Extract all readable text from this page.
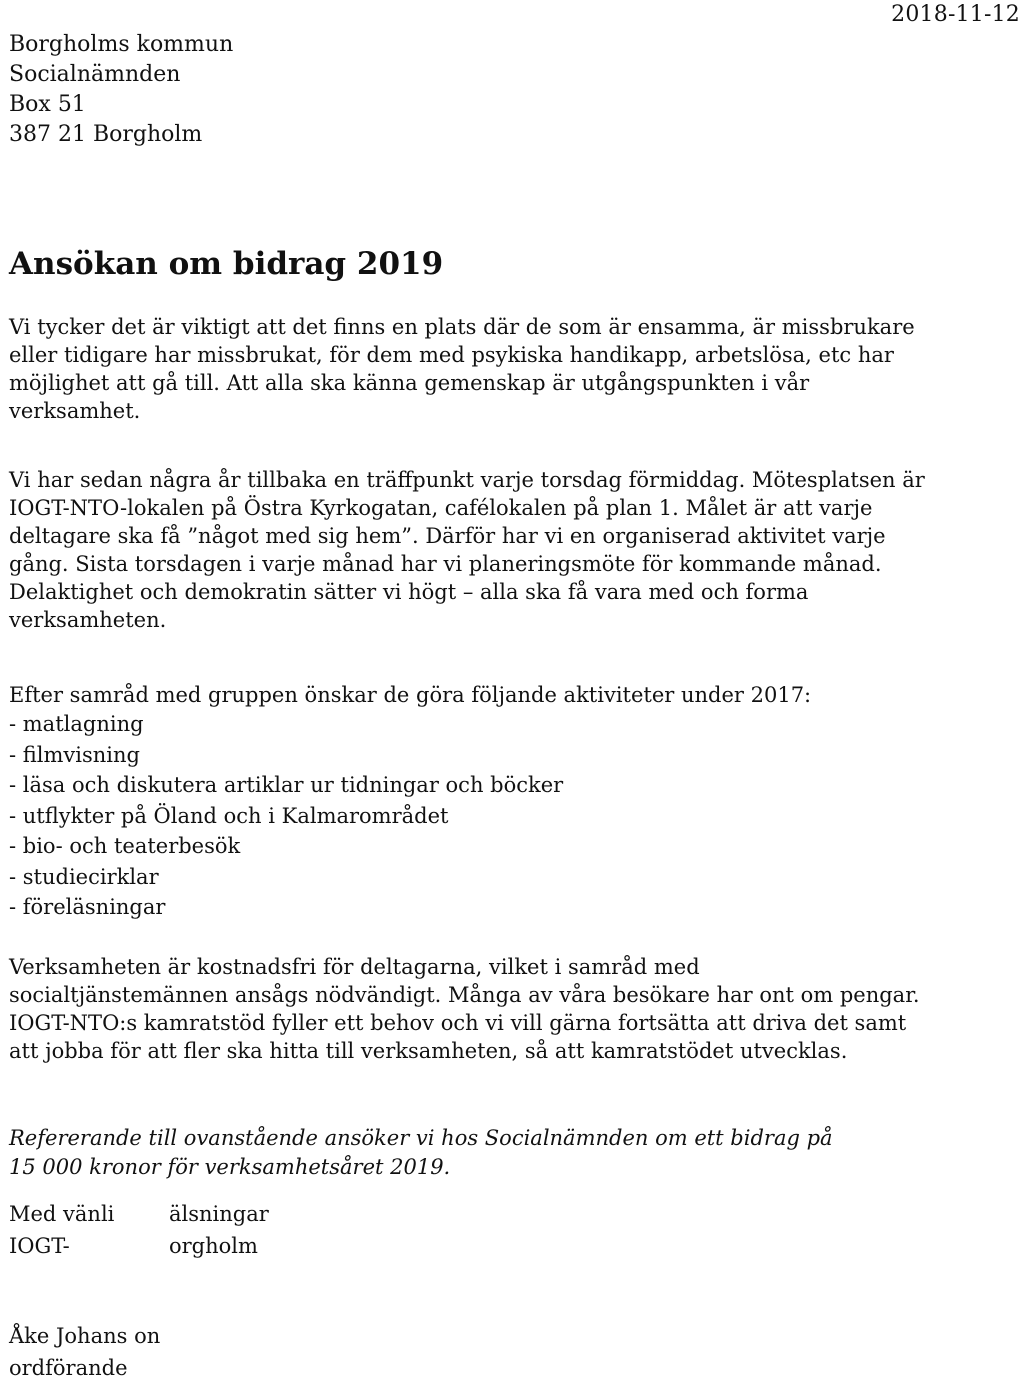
2018-11-12
Borgholms kommun
Socialnämnden
Box 51
387 21 Borgholm
Ansökan om bidrag 2019
Vi tycker det är viktigt att det finns en plats där de som är ensamma, är missbrukare
eller tidigare har missbrukat, för dem med psykiska handikapp, arbetslösa, etc har
möjlighet att gå till. Att alla ska känna gemenskap är utgångspunkten i vår
verksamhet.
Vi har sedan några år tillbaka en träffpunkt varje torsdag förmiddag. Mötesplatsen är
IOGT-NTO-lokalen på Östra Kyrkogatan, cafélokalen på plan 1. Målet är att varje
deltagare ska få ”något med sig hem”. Därför har vi en organiserad aktivitet varje
gång. Sista torsdagen i varje månad har vi planeringsmöte för kommande månad.
Delaktighet och demokratin sätter vi högt – alla ska få vara med och forma
verksamheten.
Efter samråd med gruppen önskar de göra följande aktiviteter under 2017:
- matlagning
- filmvisning
- läsa och diskutera artiklar ur tidningar och böcker
- utflykter på Öland och i Kalmarområdet
- bio- och teaterbesök
- studiecirklar
- föreläsningar
Verksamheten är kostnadsfri för deltagarna, vilket i samråd med
socialtjänstemännen ansågs nödvändigt. Många av våra besökare har ont om pengar.
IOGT-NTO:s kamratstöd fyller ett behov och vi vill gärna fortsätta att driva det samt
att jobba för att fler ska hitta till verksamheten, så att kamratstödet utvecklas.
Refererande till ovanstående ansöker vi hos Socialnämnden om ett bidrag på
15 000 kronor för verksamhetsåret 2019.
Med vänli	älsningar
IOGT-	orgholm
Åke Johans on
ordförande
